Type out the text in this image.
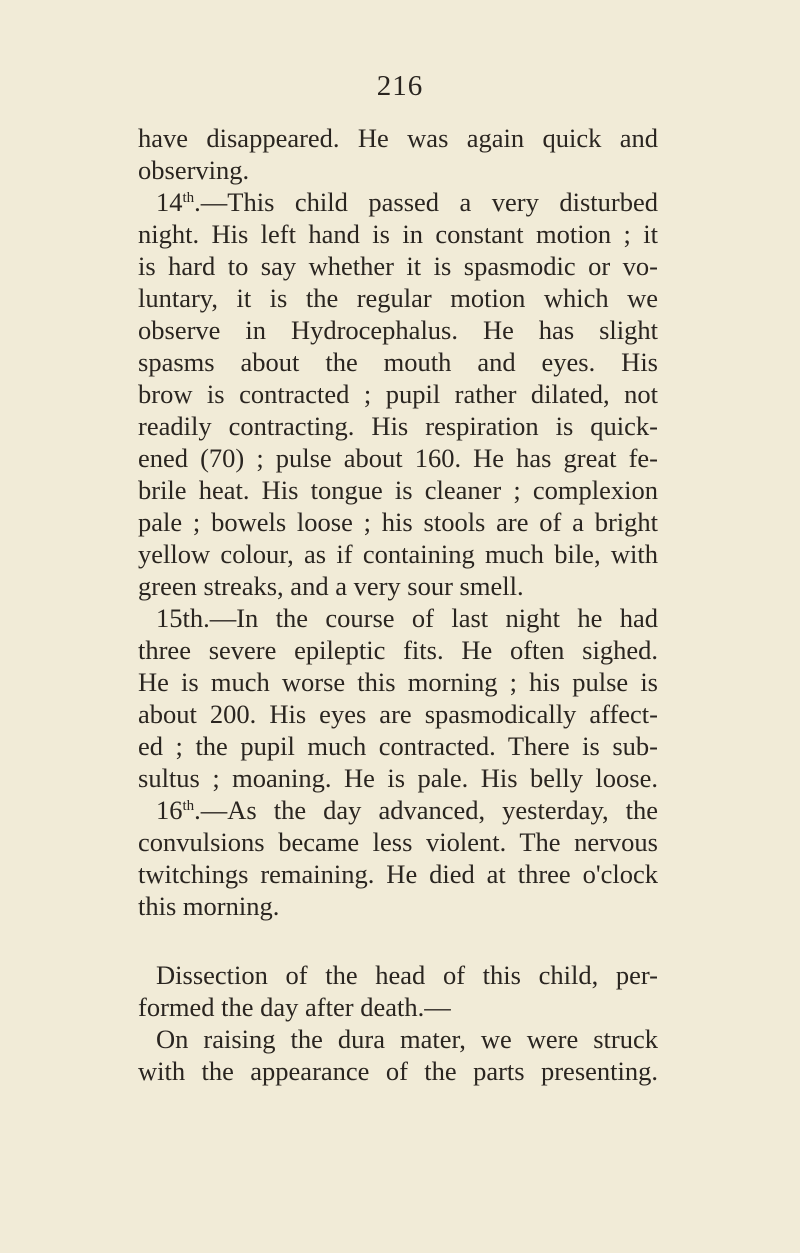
216
have disappeared. He was again quick and
observing.
14th.—This child passed a very disturbed
night. His left hand is in constant motion ; it
is hard to say whether it is spasmodic or vo-
luntary, it is the regular motion which we
observe in Hydrocephalus. He has slight
spasms about the mouth and eyes. His
brow is contracted ; pupil rather dilated, not
readily contracting. His respiration is quick-
ened (70) ; pulse about 160. He has great fe-
brile heat. His tongue is cleaner ; complexion
pale ; bowels loose ; his stools are of a bright
yellow colour, as if containing much bile, with
green streaks, and a very sour smell.
15th.—In the course of last night he had
three severe epileptic fits. He often sighed.
He is much worse this morning ; his pulse is
about 200. His eyes are spasmodically affect-
ed ; the pupil much contracted. There is sub-
sultus ; moaning. He is pale. His belly loose.
16th.—As the day advanced, yesterday, the
convulsions became less violent. The nervous
twitchings remaining. He died at three o'clock
this morning.
Dissection of the head of this child, per-
formed the day after death.—
On raising the dura mater, we were struck
with the appearance of the parts presenting.
